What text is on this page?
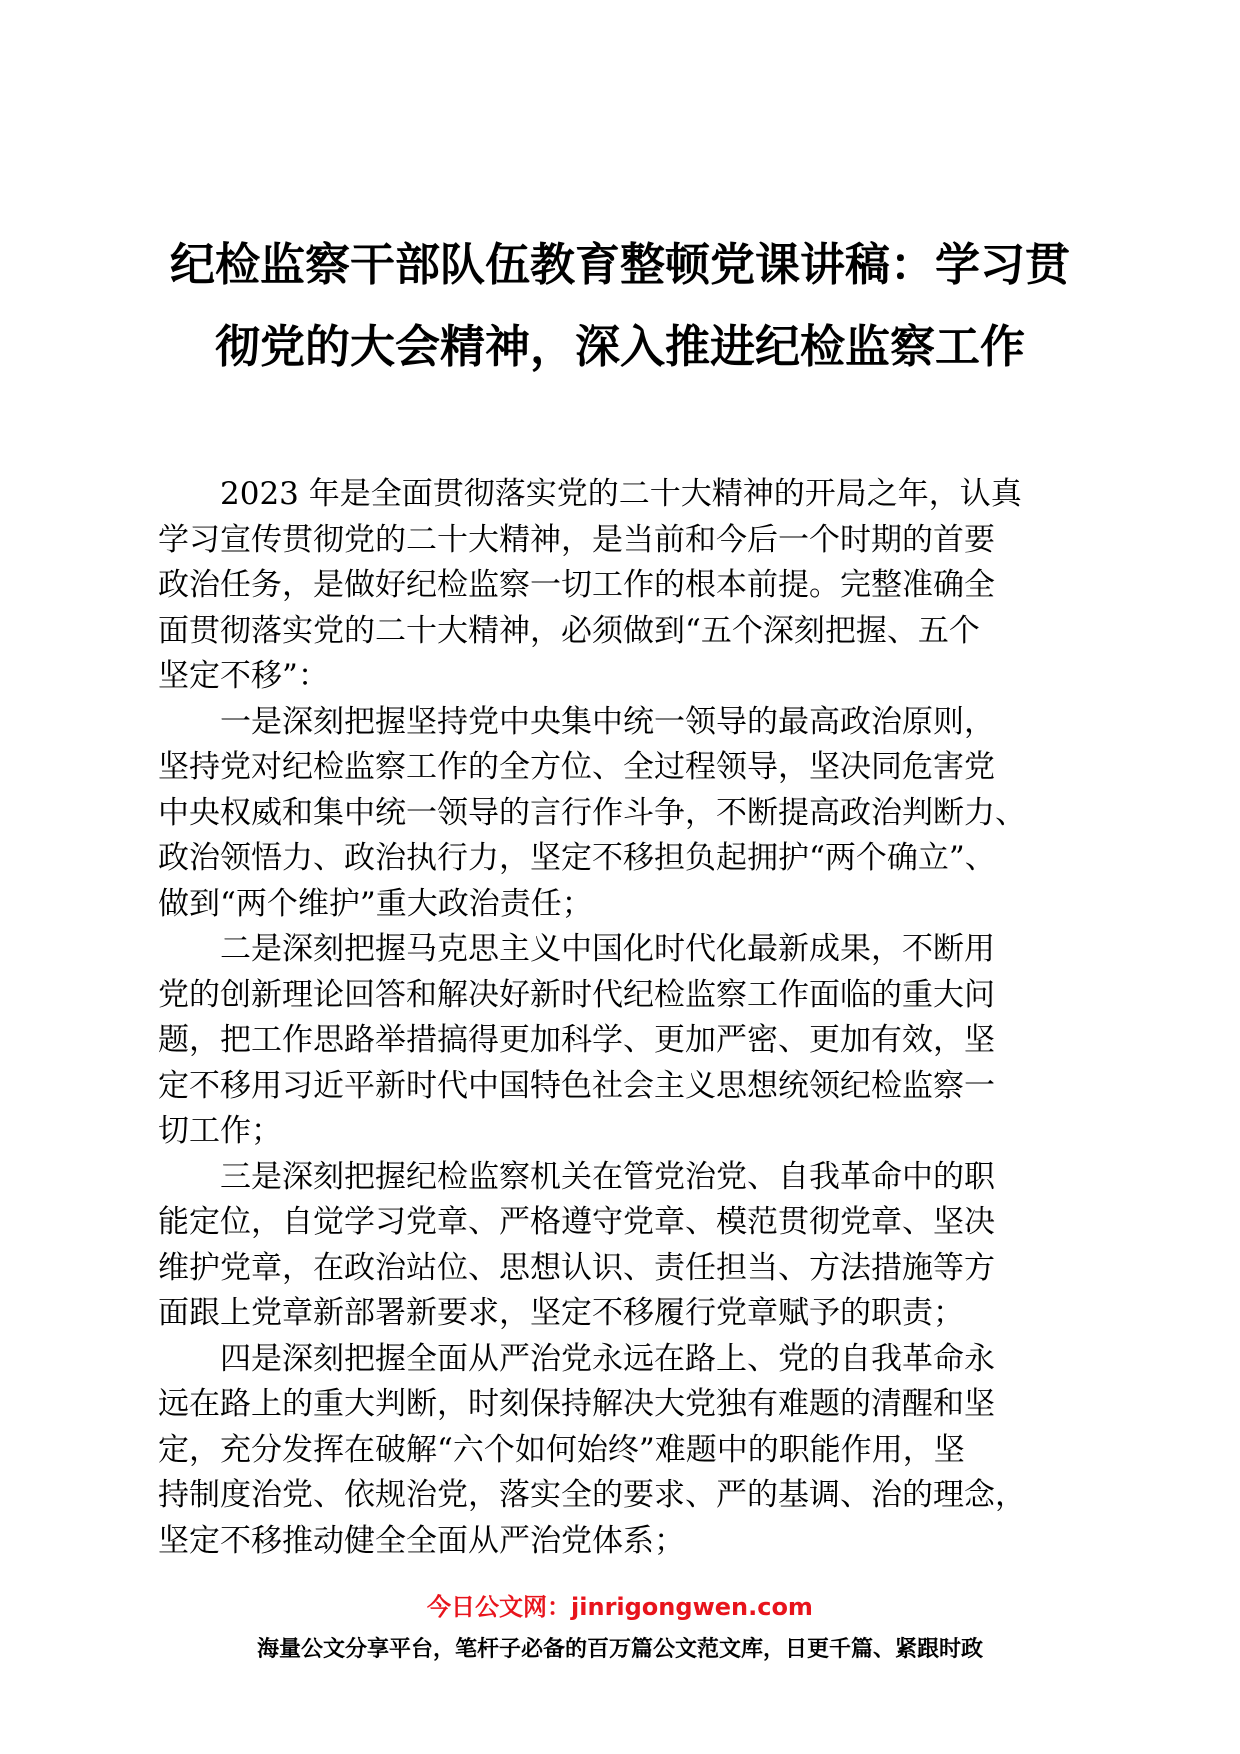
纪检监察干部队伍教育整顿党课讲稿：学习贯
彻党的大会精神，深入推进纪检监察工作

2023 年是全面贯彻落实党的二十大精神的开局之年，认真
学习宣传贯彻党的二十大精神，是当前和今后一个时期的首要
政治任务，是做好纪检监察一切工作的根本前提。完整准确全
面贯彻落实党的二十大精神，必须做到“五个深刻把握、五个
坚定不移”：

一是深刻把握坚持党中央集中统一领导的最高政治原则，
坚持党对纪检监察工作的全方位、全过程领导，坚决同危害党
中央权威和集中统一领导的言行作斗争，不断提高政治判断力、
政治领悟力、政治执行力，坚定不移担负起拥护“两个确立”、
做到“两个维护”重大政治责任；

二是深刻把握马克思主义中国化时代化最新成果，不断用
党的创新理论回答和解决好新时代纪检监察工作面临的重大问
题，把工作思路举措搞得更加科学、更加严密、更加有效，坚
定不移用习近平新时代中国特色社会主义思想统领纪检监察一
切工作；

三是深刻把握纪检监察机关在管党治党、自我革命中的职
能定位，自觉学习党章、严格遵守党章、模范贯彻党章、坚决
维护党章，在政治站位、思想认识、责任担当、方法措施等方
面跟上党章新部署新要求，坚定不移履行党章赋予的职责；

四是深刻把握全面从严治党永远在路上、党的自我革命永
远在路上的重大判断，时刻保持解决大党独有难题的清醒和坚
定，充分发挥在破解“六个如何始终”难题中的职能作用，坚
持制度治党、依规治党，落实全的要求、严的基调、治的理念，
坚定不移推动健全全面从严治党体系；

今日公文网：jinrigongwen.com
海量公文分享平台，笔杆子必备的百万篇公文范文库，日更千篇、紧跟时政
